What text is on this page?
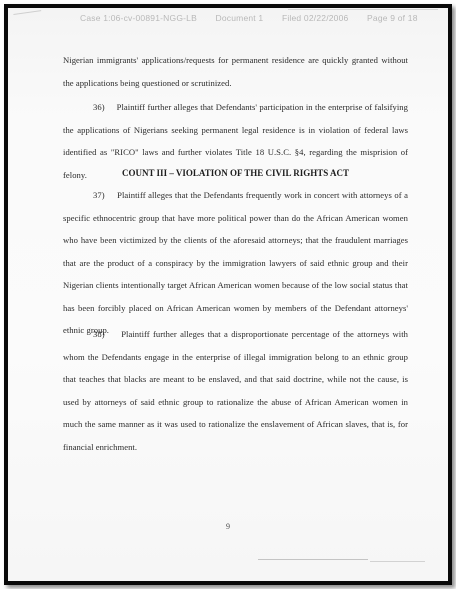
Case 1:06-cv-00891-NGG-LB Document 1 Filed 02/22/2006 Page 9 of 18
Nigerian immigrants' applications/requests for permanent residence are quickly granted without the applications being questioned or scrutinized.
36)     Plaintiff further alleges that Defendants' participation in the enterprise of falsifying the applications of Nigerians seeking permanent legal residence is in violation of federal laws identified as "RICO" laws and further violates Title 18 U.S.C. §4, regarding the misprision of felony.	COUNT III – VIOLATION OF THE CIVIL RIGHTS ACT
37)     Plaintiff alleges that the Defendants frequently work in concert with attorneys of a specific ethnocentric group that have more political power than do the African American women who have been victimized by the clients of the aforesaid attorneys; that the fraudulent marriages that are the product of a conspiracy by the immigration lawyers of said ethnic group and their Nigerian clients intentionally target African American women because of the low social status that has been forcibly placed on African American women by members of the Defendant attorneys' ethnic group.
38)     Plaintiff further alleges that a disproportionate percentage of the attorneys with whom the Defendants engage in the enterprise of illegal immigration belong to an ethnic group that teaches that blacks are meant to be enslaved, and that said doctrine, while not the cause, is used by attorneys of said ethnic group to rationalize the abuse of African American women in much the same manner as it was used to rationalize the enslavement of African slaves, that is, for financial enrichment.
9
